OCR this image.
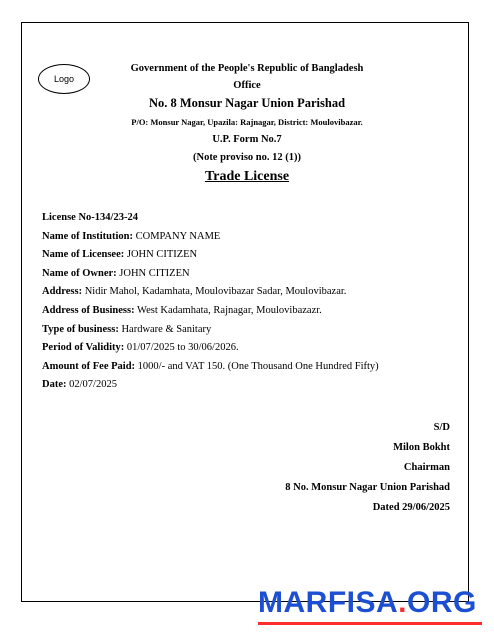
Logo
Government of the People's Republic of Bangladesh
Office
No. 8 Monsur Nagar Union Parishad
P/O: Monsur Nagar, Upazila: Rajnagar, District: Moulovibazar.
U.P. Form No.7
(Note proviso no. 12 (1))
Trade License
License No-134/23-24
Name of Institution: COMPANY NAME
Name of Licensee: JOHN CITIZEN
Name of Owner: JOHN CITIZEN
Address: Nidir Mahol, Kadamhata, Moulovibazar Sadar, Moulovibazar.
Address of Business: West Kadamhata, Rajnagar, Moulovibazazr.
Type of business: Hardware & Sanitary
Period of Validity: 01/07/2025 to 30/06/2026.
Amount of Fee Paid: 1000/- and VAT 150. (One Thousand One Hundred Fifty)
Date: 02/07/2025
S/D
Milon Bokht
Chairman
8 No. Monsur Nagar Union Parishad
Dated 29/06/2025
MARFISA.ORG
